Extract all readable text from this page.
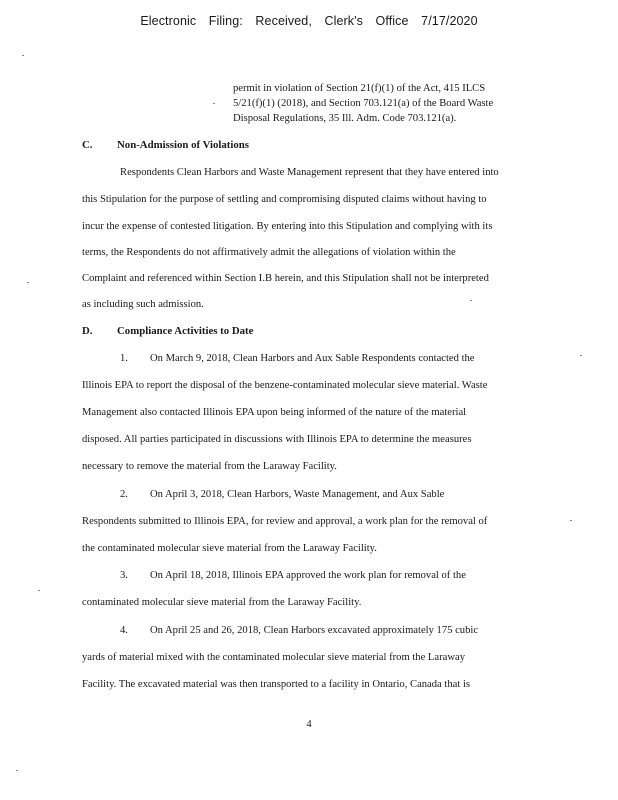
Electronic Filing: Received, Clerk's Office 7/17/2020
permit in violation of Section 21(f)(1) of the Act, 415 ILCS
5/21(f)(1) (2018), and Section 703.121(a) of the Board Waste
Disposal Regulations, 35 Ill. Adm. Code 703.121(a).
C. Non-Admission of Violations
Respondents Clean Harbors and Waste Management represent that they have entered into
this Stipulation for the purpose of settling and compromising disputed claims without having to
incur the expense of contested litigation. By entering into this Stipulation and complying with its
terms, the Respondents do not affirmatively admit the allegations of violation within the
Complaint and referenced within Section I.B herein, and this Stipulation shall not be interpreted
as including such admission.
D. Compliance Activities to Date
1. On March 9, 2018, Clean Harbors and Aux Sable Respondents contacted the
Illinois EPA to report the disposal of the benzene-contaminated molecular sieve material. Waste
Management also contacted Illinois EPA upon being informed of the nature of the material
disposed. All parties participated in discussions with Illinois EPA to determine the measures
necessary to remove the material from the Laraway Facility.
2. On April 3, 2018, Clean Harbors, Waste Management, and Aux Sable
Respondents submitted to Illinois EPA, for review and approval, a work plan for the removal of
the contaminated molecular sieve material from the Laraway Facility.
3. On April 18, 2018, Illinois EPA approved the work plan for removal of the
contaminated molecular sieve material from the Laraway Facility.
4. On April 25 and 26, 2018, Clean Harbors excavated approximately 175 cubic
yards of material mixed with the contaminated molecular sieve material from the Laraway
Facility. The excavated material was then transported to a facility in Ontario, Canada that is
4
